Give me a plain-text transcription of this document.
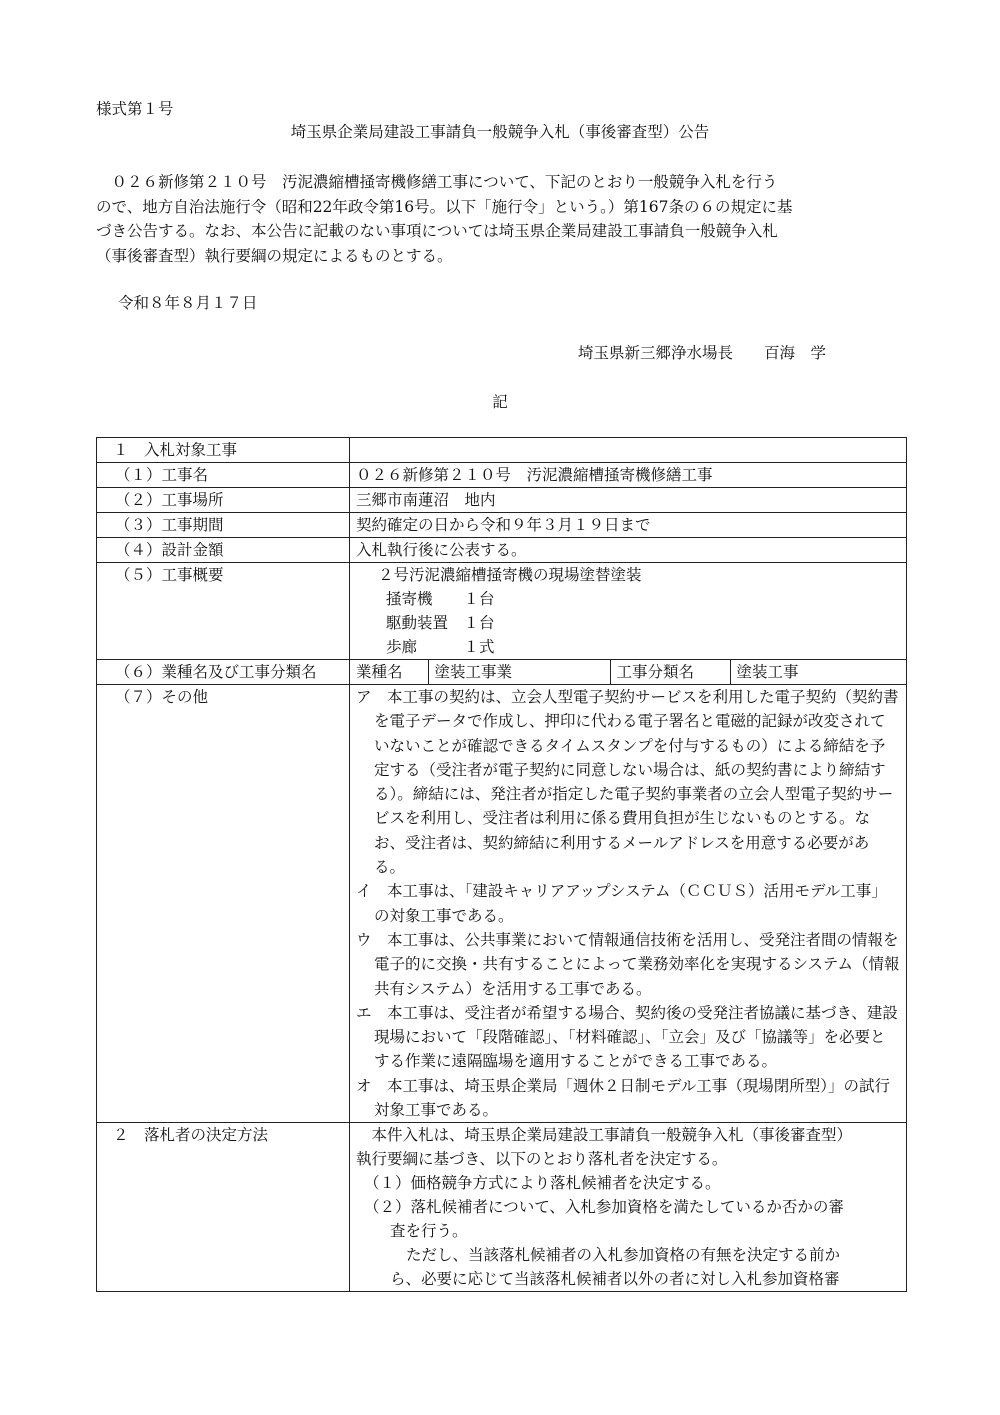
様式第１号
埼玉県企業局建設工事請負一般競争入札（事後審査型）公告

　０２６新修第２１０号　汚泥濃縮槽掻寄機修繕工事について、下記のとおり一般競争入札を行う

ので、地方自治法施行令（昭和22年政令第16号。以下「施行令」という。）第167条の６の規定に基

づき公告する。なお、本公告に記載のない事項については埼玉県企業局建設工事請負一般競争入札

（事後審査型）執行要綱の規定によるものとする。

令和８年８月１７日
埼玉県新三郷浄水場長　　百海　学
記
１　入札対象工事	
（１）工事名	０２６新修第２１０号　汚泥濃縮槽掻寄機修繕工事
（２）工事場所	三郷市南蓮沼　地内
（３）工事期間	契約確定の日から令和９年３月１９日まで
（４）設計金額	入札執行後に公表する。
（５）工事概要	２号汚泥濃縮槽掻寄機の現場塗替塗装
掻寄機　　１台
駆動装置　１台
歩廊　　　１式

（６）業種名及び工事分類名		業種名	塗装工事業	工事分類名	塗装工事

（７）その他	ア　本工事の契約は、立会人型電子契約サービスを利用した電子契約（契約書を電子データで作成し、押印に代わる電子署名と電磁的記録が改変されていないことが確認できるタイムスタンプを付与するもの）による締結を予定する（受注者が電子契約に同意しない場合は、紙の契約書により締結する）。締結には、発注者が指定した電子契約事業者の立会人型電子契約サービスを利用し、受注者は利用に係る費用負担が生じないものとする。なお、受注者は、契約締結に利用するメールアドレスを用意する必要がある。
イ　本工事は、「建設キャリアアップシステム（ＣＣＵＳ）活用モデル工事」の対象工事である。
ウ　本工事は、公共事業において情報通信技術を活用し、受発注者間の情報を電子的に交換・共有することによって業務効率化を実現するシステム（情報共有システム）を活用する工事である。
エ　本工事は、受注者が希望する場合、契約後の受発注者協議に基づき、建設現場において「段階確認」、「材料確認」、「立会」及び「協議等」を必要とする作業に遠隔臨場を適用することができる工事である。
オ　本工事は、埼玉県企業局「週休２日制モデル工事（現場閉所型）」の試行対象工事である。

２　落札者の決定方法	　本件入札は、埼玉県企業局建設工事請負一般競争入札（事後審査型）
執行要綱に基づき、以下のとおり落札者を決定する。
（１）価格競争方式により落札候補者を決定する。
（２）落札候補者について、入札参加資格を満たしているか否かの審
査を行う。
ただし、当該落札候補者の入札参加資格の有無を決定する前か
ら、必要に応じて当該落札候補者以外の者に対し入札参加資格審
